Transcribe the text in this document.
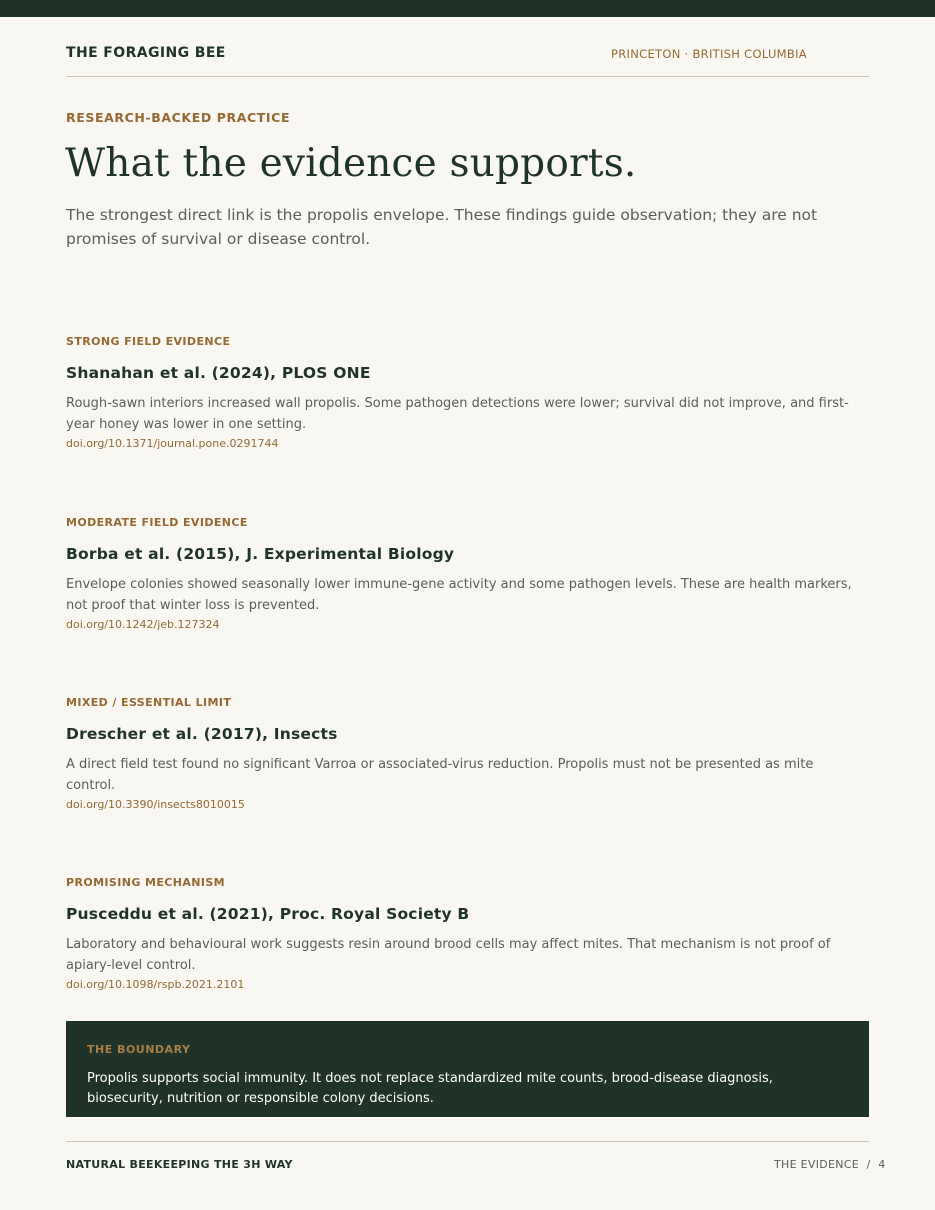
THE FORAGING BEE	PRINCETON · BRITISH COLUMBIA
RESEARCH-BACKED PRACTICE
What the evidence supports.

The strongest direct link is the propolis envelope. These findings guide observation; they are not promises of survival or disease control.

STRONG FIELD EVIDENCE
Shanahan et al. (2024), PLOS ONE
Rough-sawn interiors increased wall propolis. Some pathogen detections were lower; survival did not improve, and first-year honey was lower in one setting.
doi.org/10.1371/journal.pone.0291744
MODERATE FIELD EVIDENCE
Borba et al. (2015), J. Experimental Biology
Envelope colonies showed seasonally lower immune-gene activity and some pathogen levels. These are health markers, not proof that winter loss is prevented.
doi.org/10.1242/jeb.127324
MIXED / ESSENTIAL LIMIT
Drescher et al. (2017), Insects
A direct field test found no significant Varroa or associated-virus reduction. Propolis must not be presented as mite control.
doi.org/10.3390/insects8010015
PROMISING MECHANISM
Pusceddu et al. (2021), Proc. Royal Society B
Laboratory and behavioural work suggests resin around brood cells may affect mites. That mechanism is not proof of apiary-level control.
doi.org/10.1098/rspb.2021.2101
THE BOUNDARY
Propolis supports social immunity. It does not replace standardized mite counts, brood-disease diagnosis, biosecurity, nutrition or responsible colony decisions.
NATURAL BEEKEEPING THE 3H WAY	THE EVIDENCE  /  4
